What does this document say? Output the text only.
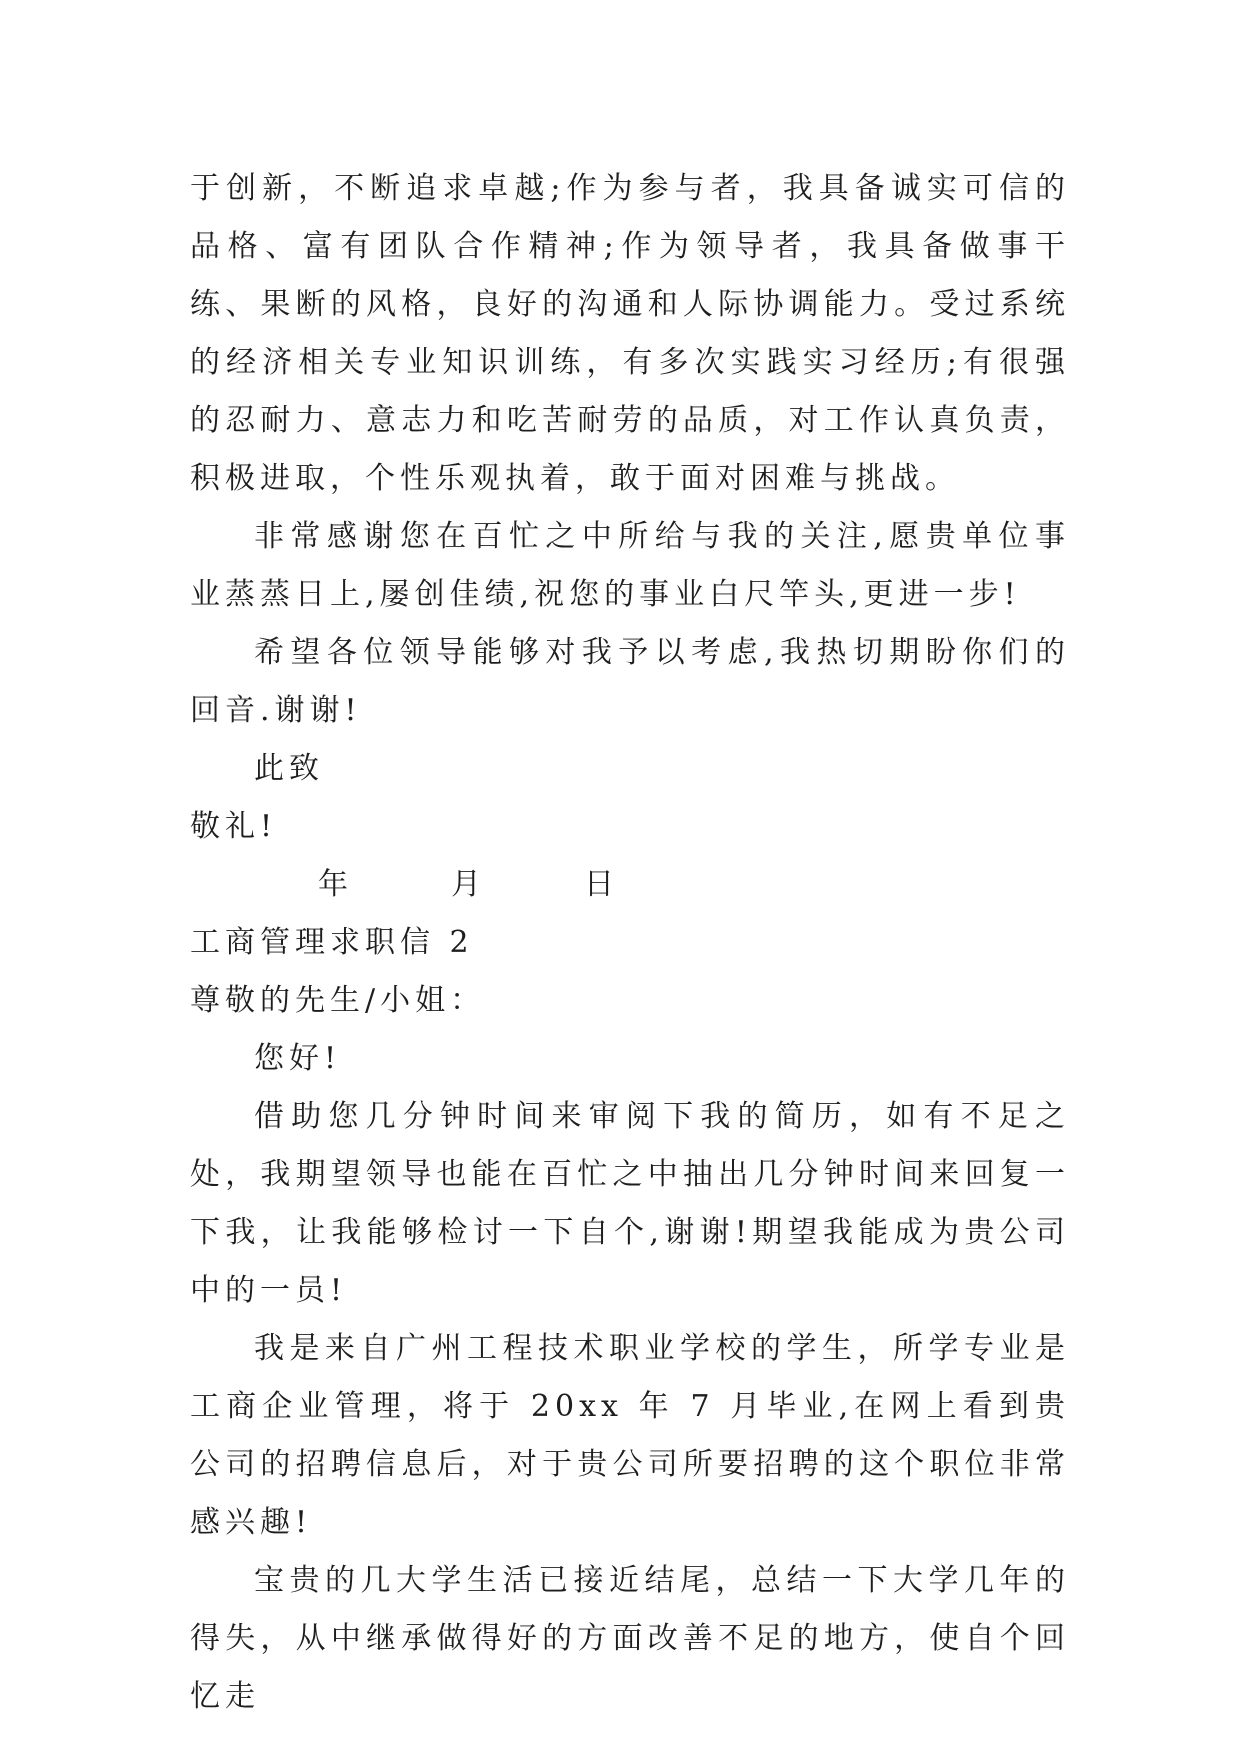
于创新，不断追求卓越;作为参与者，我具备诚实可信的品格、富有团队合作精神;作为领导者，我具备做事干练、果断的风格，良好的沟通和人际协调能力。受过系统的经济相关专业知识训练，有多次实践实习经历;有很强的忍耐力、意志力和吃苦耐劳的品质，对工作认真负责，积极进取，个性乐观执着，敢于面对困难与挑战。

非常感谢您在百忙之中所给与我的关注,愿贵单位事业蒸蒸日上,屡创佳绩,祝您的事业白尺竿头,更进一步!

希望各位领导能够对我予以考虑,我热切期盼你们的回音.谢谢!

此致

敬礼!

年	月	日

工商管理求职信 2

尊敬的先生/小姐：

您好!

借助您几分钟时间来审阅下我的简历，如有不足之处，我期望领导也能在百忙之中抽出几分钟时间来回复一下我，让我能够检讨一下自个,谢谢!期望我能成为贵公司中的一员!

我是来自广州工程技术职业学校的学生，所学专业是工商企业管理，将于 20xx 年 7 月毕业,在网上看到贵公司的招聘信息后，对于贵公司所要招聘的这个职位非常感兴趣!

宝贵的几大学生活已接近结尾，总结一下大学几年的得失，从中继承做得好的方面改善不足的地方，使自个回忆走
